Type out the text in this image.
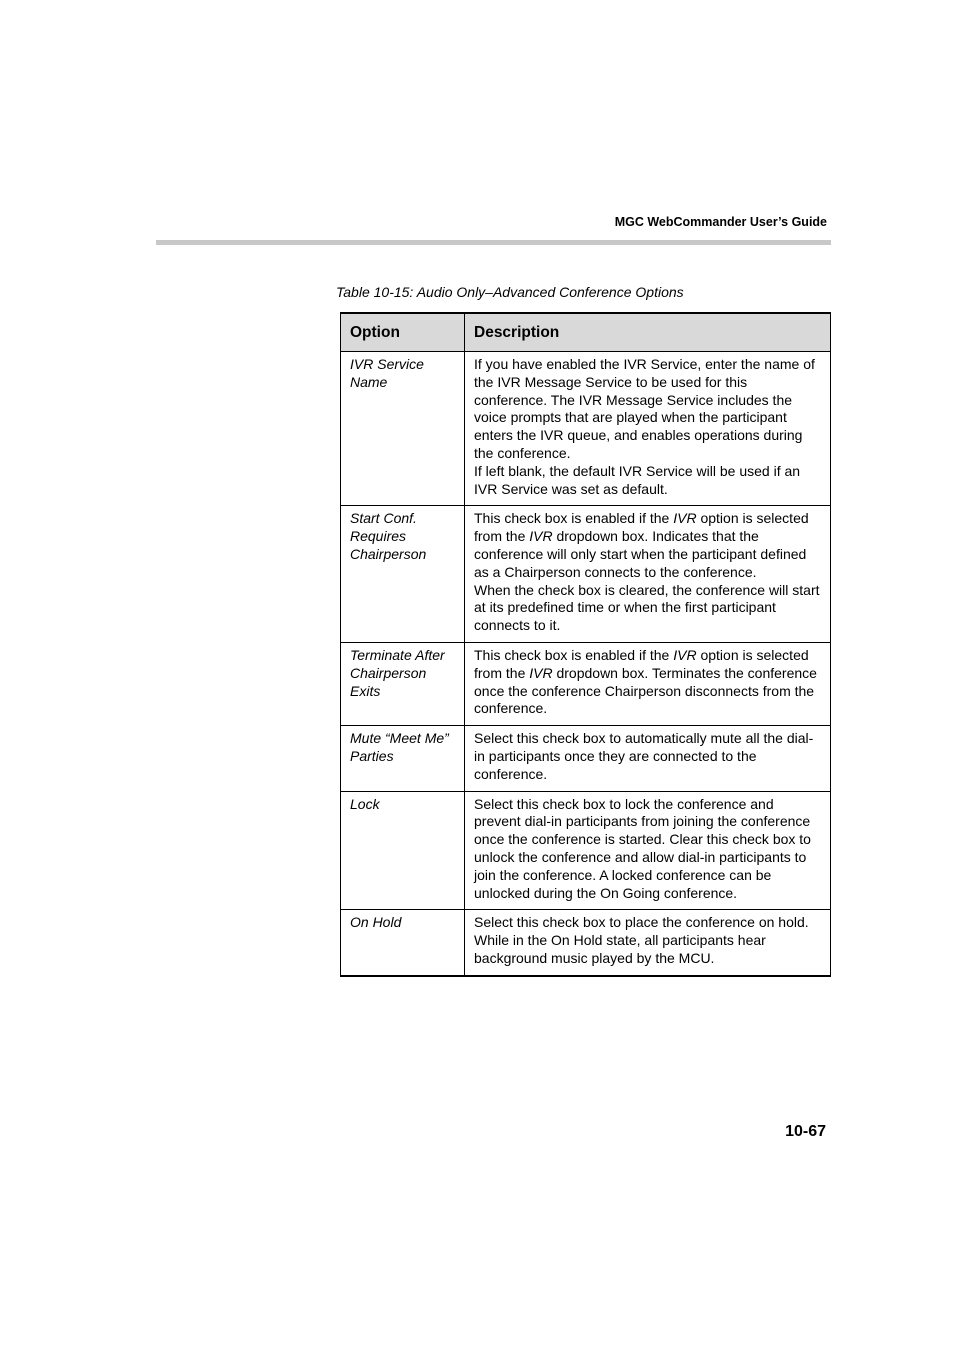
MGC WebCommander User’s Guide
Table 10-15: Audio Only–Advanced Conference Options
Option	Description
IVR Service Name	If you have enabled the IVR Service, enter the name of the IVR Message Service to be used for this conference. The IVR Message Service includes the voice prompts that are played when the participant enters the IVR queue, and enables operations during the conference.

If left blank, the default IVR Service will be used if an IVR Service was set as default.

Start Conf. Requires Chairperson	This check box is enabled if the IVR option is selected from the IVR dropdown box. Indicates that the conference will only start when the participant defined as a Chairperson connects to the conference.

When the check box is cleared, the conference will start at its predefined time or when the first participant connects to it.

Terminate After Chairperson Exits	This check box is enabled if the IVR option is selected from the IVR dropdown box. Terminates the conference once the conference Chairperson disconnects from the conference.

Mute “Meet Me” Parties	Select this check box to automatically mute all the dial-in participants once they are connected to the conference.

Lock	Select this check box to lock the conference and prevent dial-in participants from joining the conference once the conference is started. Clear this check box to unlock the conference and allow dial-in participants to join the conference. A locked conference can be unlocked during the On Going conference.

On Hold	Select this check box to place the conference on hold. While in the On Hold state, all participants hear background music played by the MCU.

10-67
